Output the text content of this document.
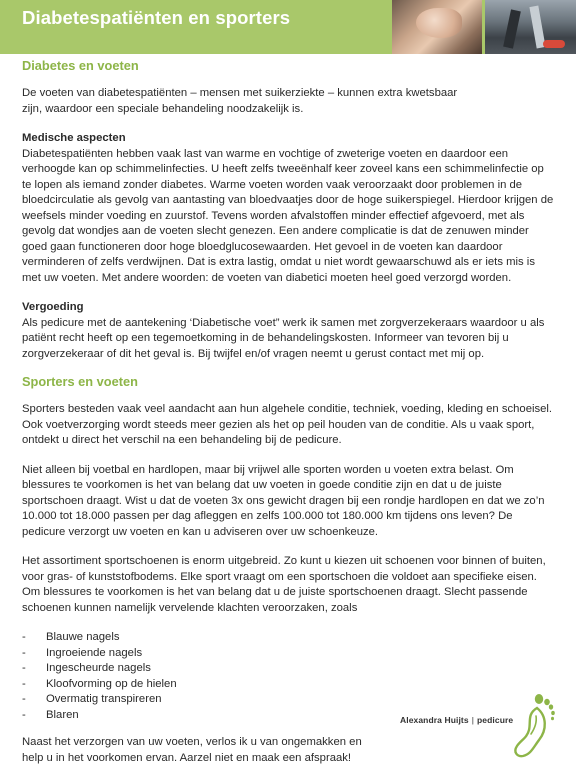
Diabetespatiënten en sporters
Diabetes en voeten

De voeten van diabetespatiënten – mensen met suikerziekte – kunnen extra kwetsbaar

zijn, waardoor een speciale behandeling noodzakelijk is.

Medische aspecten

Diabetespatiënten hebben vaak last van warme en vochtige of zweterige voeten en daardoor een verhoogde kan op schimmelinfecties. U heeft zelfs tweeënhalf keer zoveel kans een schimmelinfectie op te lopen als iemand zonder diabetes. Warme voeten worden vaak veroorzaakt door problemen in de bloedcirculatie als gevolg van aantasting van bloedvaatjes door de hoge suikerspiegel. Hierdoor krijgen de weefsels minder voeding en zuurstof. Tevens worden afvalstoffen minder effectief afgevoerd, met als gevolg dat wondjes aan de voeten slecht genezen. Een andere complicatie is dat de zenuwen minder goed gaan functioneren door hoge bloedglucosewaarden. Het gevoel in de voeten kan daardoor verminderen of zelfs verdwijnen. Dat is extra lastig, omdat u niet wordt gewaarschuwd als er iets mis is met uw voeten. Met andere woorden: de voeten van diabetici moeten heel goed verzorgd worden.

Vergoeding

Als pedicure met de aantekening ‘Diabetische voet” werk ik samen met zorgverzekeraars waardoor u als patiënt recht heeft op een tegemoetkoming in de behandelingskosten. Informeer van tevoren bij u zorgverzekeraar of dit het geval is. Bij twijfel en/of vragen neemt u gerust contact met mij op.

Sporters en voeten

Sporters besteden vaak veel aandacht aan hun algehele conditie, techniek, voeding, kleding en schoeisel. Ook voetverzorging wordt steeds meer gezien als het op peil houden van de conditie. Als u vaak sport, ontdekt u direct het verschil na een behandeling bij de pedicure.

Niet alleen bij voetbal en hardlopen, maar bij vrijwel alle sporten worden u voeten extra belast. Om blessures te voorkomen is het van belang dat uw voeten in goede conditie zijn en dat u de juiste sportschoen draagt. Wist u dat de voeten 3x ons gewicht dragen bij een rondje hardlopen en dat we zo’n 10.000 tot 18.000 passen per dag afleggen en zelfs 100.000 tot 180.000 km tijdens ons leven? De pedicure verzorgt uw voeten en kan u adviseren over uw schoenkeuze.

Het assortiment sportschoenen is enorm uitgebreid. Zo kunt u kiezen uit schoenen voor binnen of buiten, voor gras- of kunststofbodems. Elke sport vraagt om een sportschoen die voldoet aan specifieke eisen. Om blessures te voorkomen is het van belang dat u de juiste sportschoenen draagt. Slecht passende schoenen kunnen namelijk vervelende klachten veroorzaken, zoals

- Blauwe nagels
- Ingroeiende nagels
- Ingescheurde nagels
- Kloofvorming op de hielen
- Overmatig transpireren
- Blaren

Naast het verzorgen van uw voeten, verlos ik u van ongemakken en

help u in het voorkomen ervan. Aarzel niet en maak een afspraak!

Alexandra Huijts | pedicure
